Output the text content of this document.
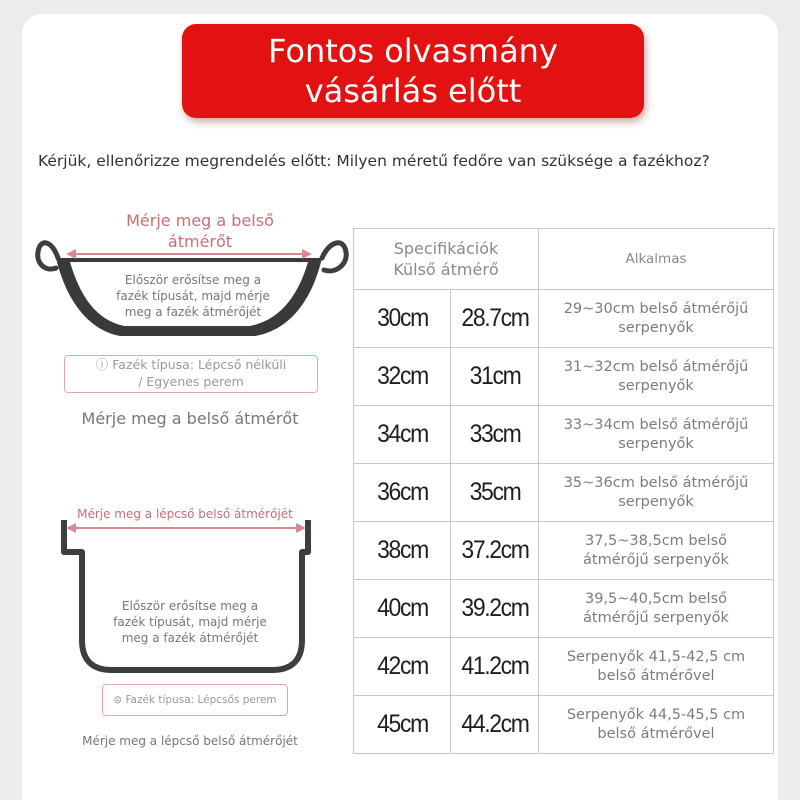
Fontos olvasmány
vásárlás előtt
Kérjük, ellenőrizze megrendelés előtt: Milyen méretű fedőre van szüksége a fazékhoz?
Mérje meg a belső
átmérőt
Először erősítse meg a
fazék típusát, majd mérje
meg a fazék átmérőjét
ⓘ Fazék típusa: Lépcső nélküli
/ Egyenes perem
Mérje meg a belső átmérőt
Mérje meg a lépcső belső átmérőjét
Először erősítse meg a
fazék típusát, majd mérje
meg a fazék átmérőjét
⊜ Fazék típusa: Lépcsős perem
Mérje meg a lépcső belső átmérőjét
Specifikációk
Külső átmérő		Alkalmas
30cm	28.7cm	29~30cm belső átmérőjű
serpenyők

32cm	31cm	31~32cm belső átmérőjű
serpenyők

34cm	33cm	33~34cm belső átmérőjű
serpenyők

36cm	35cm	35~36cm belső átmérőjű
serpenyők

38cm	37.2cm	37,5~38,5cm belső
átmérőjű serpenyők

40cm	39.2cm	39,5~40,5cm belső
átmérőjű serpenyők

42cm	41.2cm	Serpenyők 41,5-42,5 cm
belső átmérővel

45cm	44.2cm	Serpenyők 44,5-45,5 cm
belső átmérővel
